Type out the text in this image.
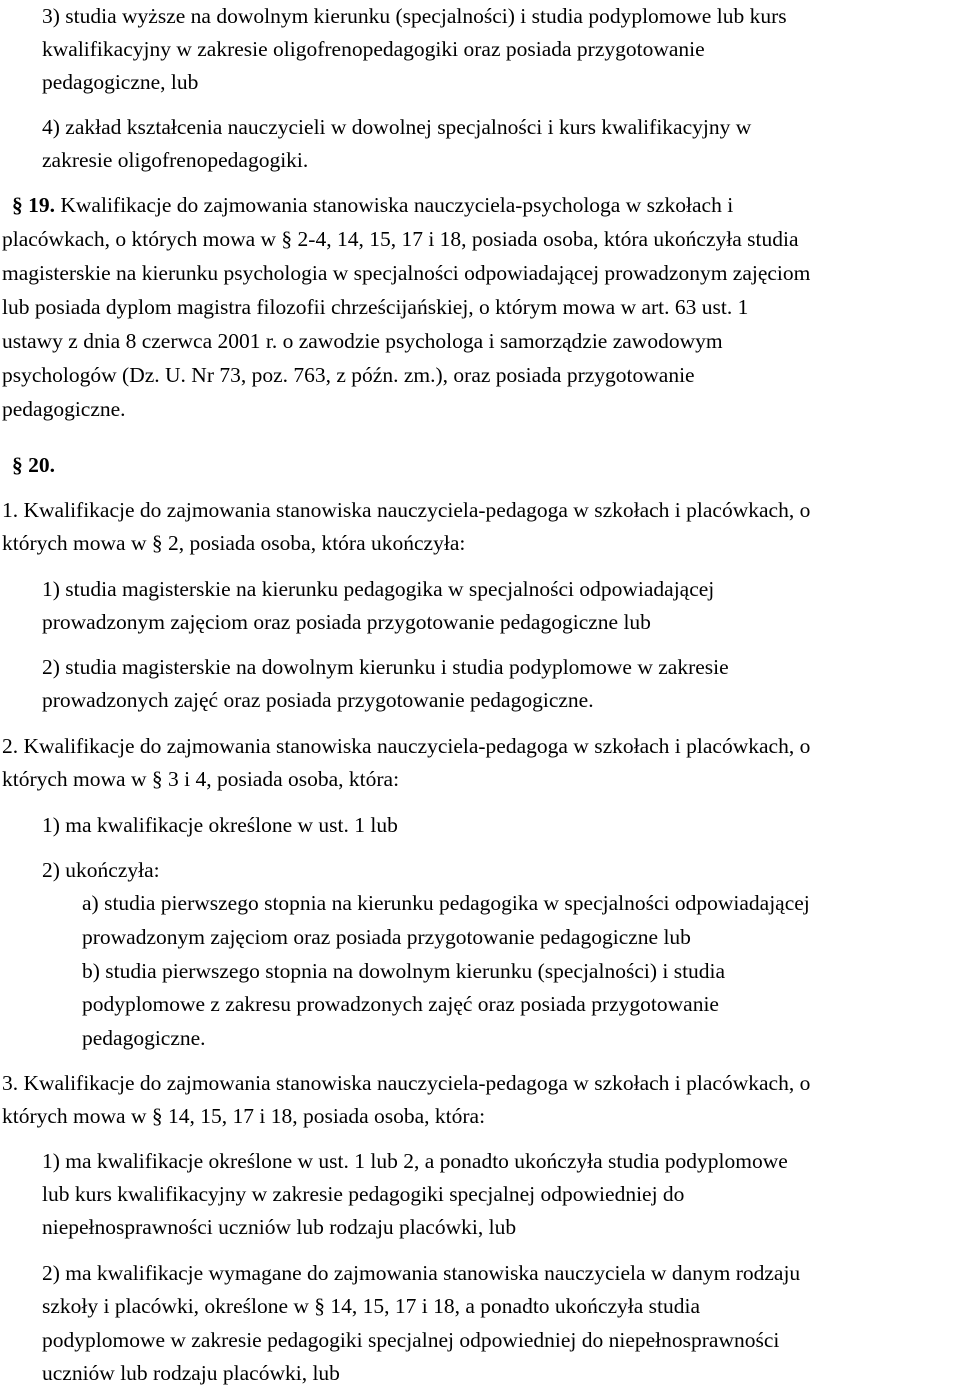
3) studia wyższe na dowolnym kierunku (specjalności) i studia podyplomowe lub kurs
kwalifikacyjny w zakresie oligofrenopedagogiki oraz posiada przygotowanie
pedagogiczne, lub
4) zakład kształcenia nauczycieli w dowolnej specjalności i kurs kwalifikacyjny w
zakresie oligofrenopedagogiki.
§ 19. Kwalifikacje do zajmowania stanowiska nauczyciela-psychologa w szkołach i
placówkach, o których mowa w § 2-4, 14, 15, 17 i 18, posiada osoba, która ukończyła studia
magisterskie na kierunku psychologia w specjalności odpowiadającej prowadzonym zajęciom
lub posiada dyplom magistra filozofii chrześcijańskiej, o którym mowa w art. 63 ust. 1
ustawy z dnia 8 czerwca 2001 r. o zawodzie psychologa i samorządzie zawodowym
psychologów (Dz. U. Nr 73, poz. 763, z późn. zm.), oraz posiada przygotowanie
pedagogiczne.
§ 20.
1. Kwalifikacje do zajmowania stanowiska nauczyciela-pedagoga w szkołach i placówkach, o
których mowa w § 2, posiada osoba, która ukończyła:
1) studia magisterskie na kierunku pedagogika w specjalności odpowiadającej
prowadzonym zajęciom oraz posiada przygotowanie pedagogiczne lub
2) studia magisterskie na dowolnym kierunku i studia podyplomowe w zakresie
prowadzonych zajęć oraz posiada przygotowanie pedagogiczne.
2. Kwalifikacje do zajmowania stanowiska nauczyciela-pedagoga w szkołach i placówkach, o
których mowa w § 3 i 4, posiada osoba, która:
1) ma kwalifikacje określone w ust. 1 lub
2) ukończyła:
a) studia pierwszego stopnia na kierunku pedagogika w specjalności odpowiadającej
prowadzonym zajęciom oraz posiada przygotowanie pedagogiczne lub
b) studia pierwszego stopnia na dowolnym kierunku (specjalności) i studia
podyplomowe z zakresu prowadzonych zajęć oraz posiada przygotowanie
pedagogiczne.
3. Kwalifikacje do zajmowania stanowiska nauczyciela-pedagoga w szkołach i placówkach, o
których mowa w § 14, 15, 17 i 18, posiada osoba, która:
1) ma kwalifikacje określone w ust. 1 lub 2, a ponadto ukończyła studia podyplomowe
lub kurs kwalifikacyjny w zakresie pedagogiki specjalnej odpowiedniej do
niepełnosprawności uczniów lub rodzaju placówki, lub
2) ma kwalifikacje wymagane do zajmowania stanowiska nauczyciela w danym rodzaju
szkoły i placówki, określone w § 14, 15, 17 i 18, a ponadto ukończyła studia
podyplomowe w zakresie pedagogiki specjalnej odpowiedniej do niepełnosprawności
uczniów lub rodzaju placówki, lub
